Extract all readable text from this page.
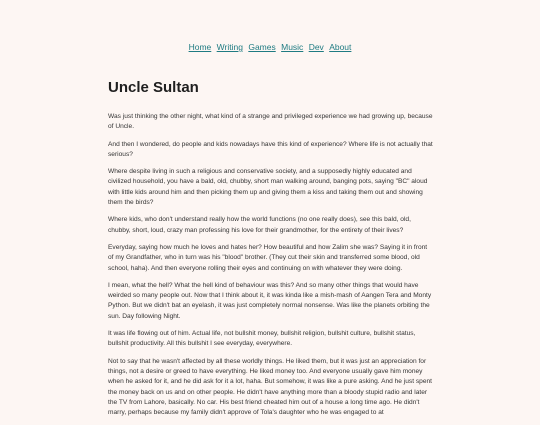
Home Writing Games Music Dev About
Uncle Sultan

Was just thinking the other night, what kind of a strange and privileged experience we had growing up, because of Uncle.

And then I wondered, do people and kids nowadays have this kind of experience? Where life is not actually that serious?

Where despite living in such a religious and conservative society, and a supposedly highly educated and civilized household, you have a bald, old, chubby, short man walking around, banging pots, saying "BC" aloud with little kids around him and then picking them up and giving them a kiss and taking them out and showing them the birds?

Where kids, who don't understand really how the world functions (no one really does), see this bald, old, chubby, short, loud, crazy man professing his love for their grandmother, for the entirety of their lives?

Everyday, saying how much he loves and hates her? How beautiful and how Zalim she was? Saying it in front of my Grandfather, who in turn was his "blood" brother. (They cut their skin and transferred some blood, old school, haha). And then everyone rolling their eyes and continuing on with whatever they were doing.

I mean, what the hell? What the hell kind of behaviour was this? And so many other things that would have weirded so many people out. Now that I think about it, it was kinda like a mish-mash of Aangen Tera and Monty Python. But we didn't bat an eyelash, it was just completely normal nonsense. Was like the planets orbiting the sun. Day following Night.

It was life flowing out of him. Actual life, not bullshit money, bullshit religion, bullshit culture, bullshit status, bullshit productivity. All this bullshit I see everyday, everywhere.

Not to say that he wasn't affected by all these worldly things. He liked them, but it was just an appreciation for things, not a desire or greed to have everything. He liked money too. And everyone usually gave him money when he asked for it, and he did ask for it a lot, haha. But somehow, it was like a pure asking. And he just spent the money back on us and on other people. He didn't have anything more than a bloody stupid radio and later the TV from Lahore, basically. No car. His best friend cheated him out of a house a long time ago. He didn't marry, perhaps because my family didn't approve of Tola's daughter who he was engaged to at
